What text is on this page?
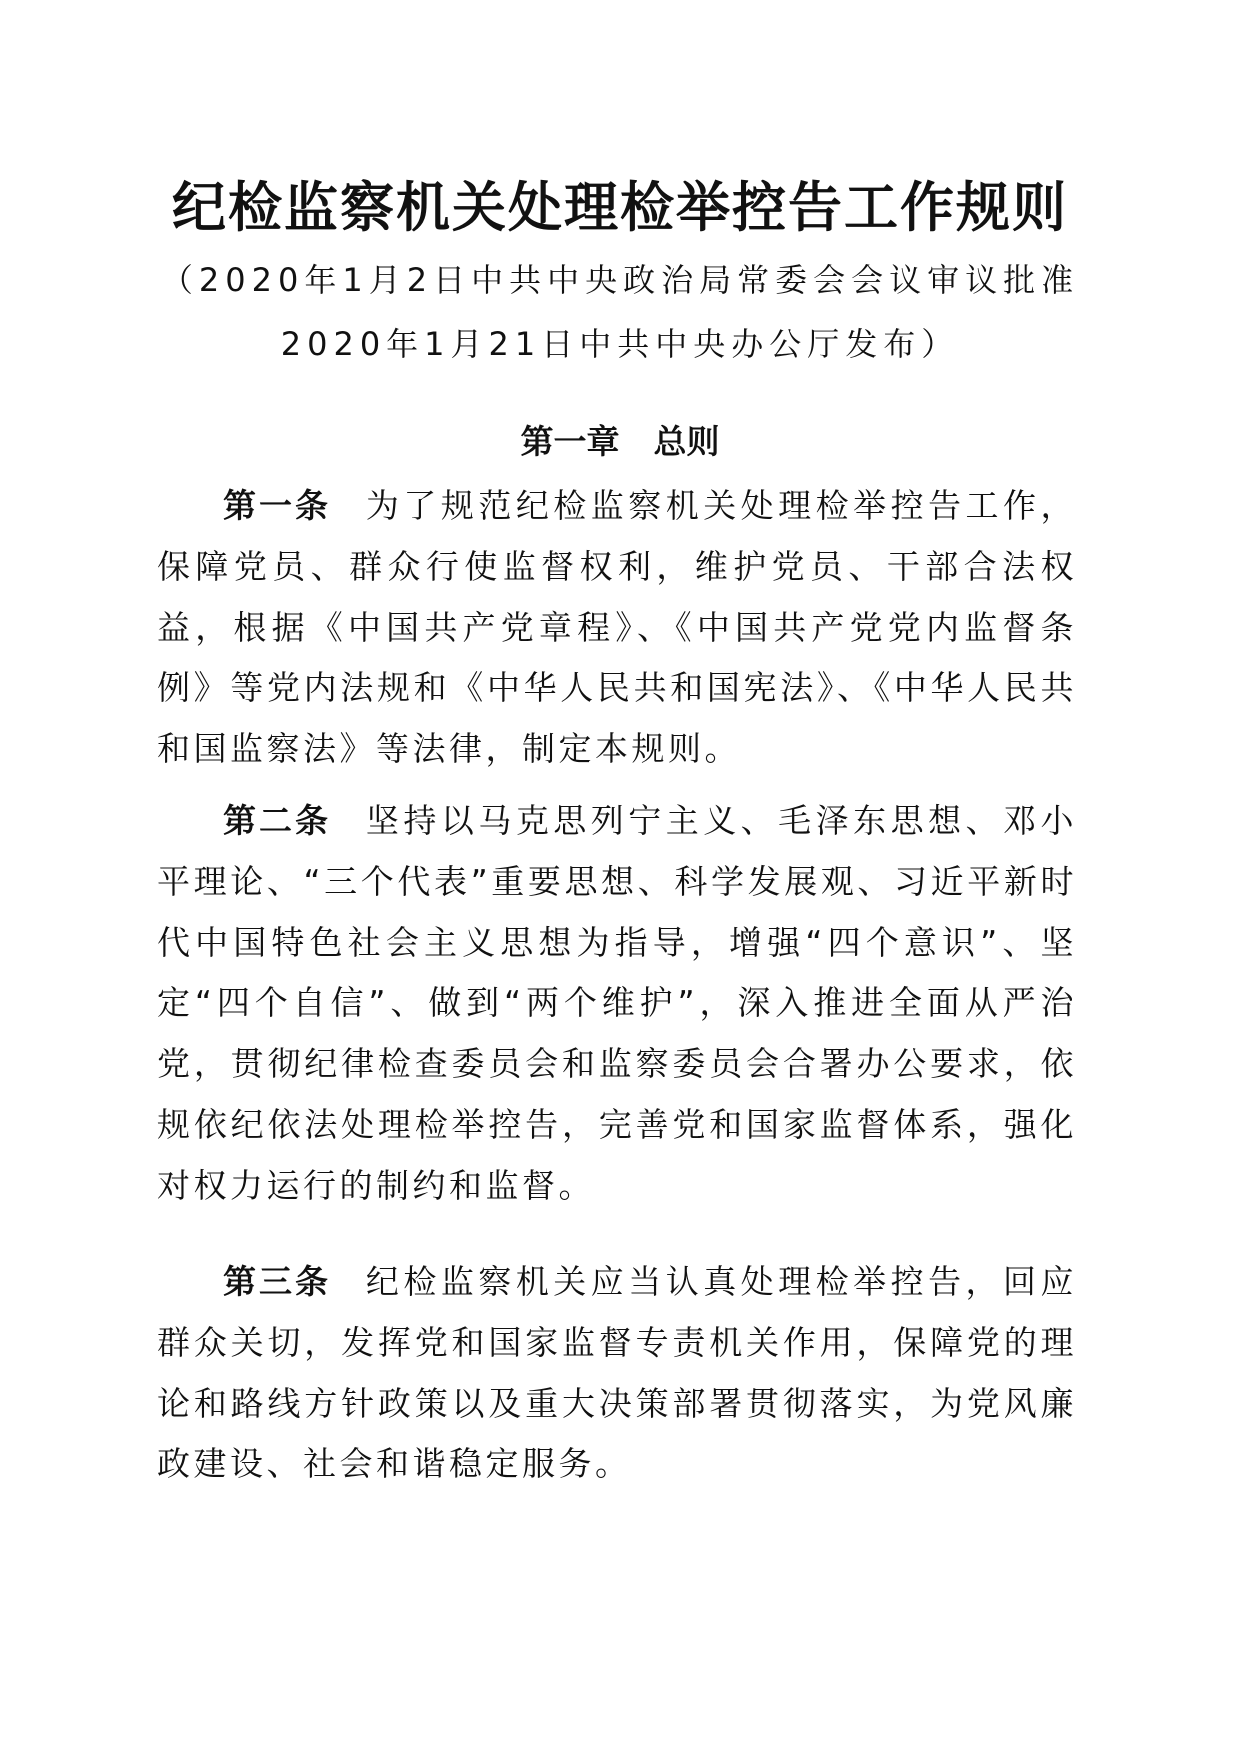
纪检监察机关处理检举控告工作规则
（2020年1月2日中共中央政治局常委会会议审议批准
2020年1月21日中共中央办公厅发布）
第一章 总则
第一条 为了规范纪检监察机关处理检举控告工作，保障党员、群众行使监督权利，维护党员、干部合法权益，根据《中国共产党章程》、《中国共产党党内监督条例》等党内法规和《中华人民共和国宪法》、《中华人民共和国监察法》等法律，制定本规则。
第二条 坚持以马克思列宁主义、毛泽东思想、邓小平理论、“三个代表”重要思想、科学发展观、习近平新时代中国特色社会主义思想为指导，增强“四个意识”、坚定“四个自信”、做到“两个维护”，深入推进全面从严治党，贯彻纪律检查委员会和监察委员会合署办公要求，依规依纪依法处理检举控告，完善党和国家监督体系，强化对权力运行的制约和监督。
第三条 纪检监察机关应当认真处理检举控告，回应群众关切，发挥党和国家监督专责机关作用，保障党的理论和路线方针政策以及重大决策部署贯彻落实，为党风廉政建设、社会和谐稳定服务。
